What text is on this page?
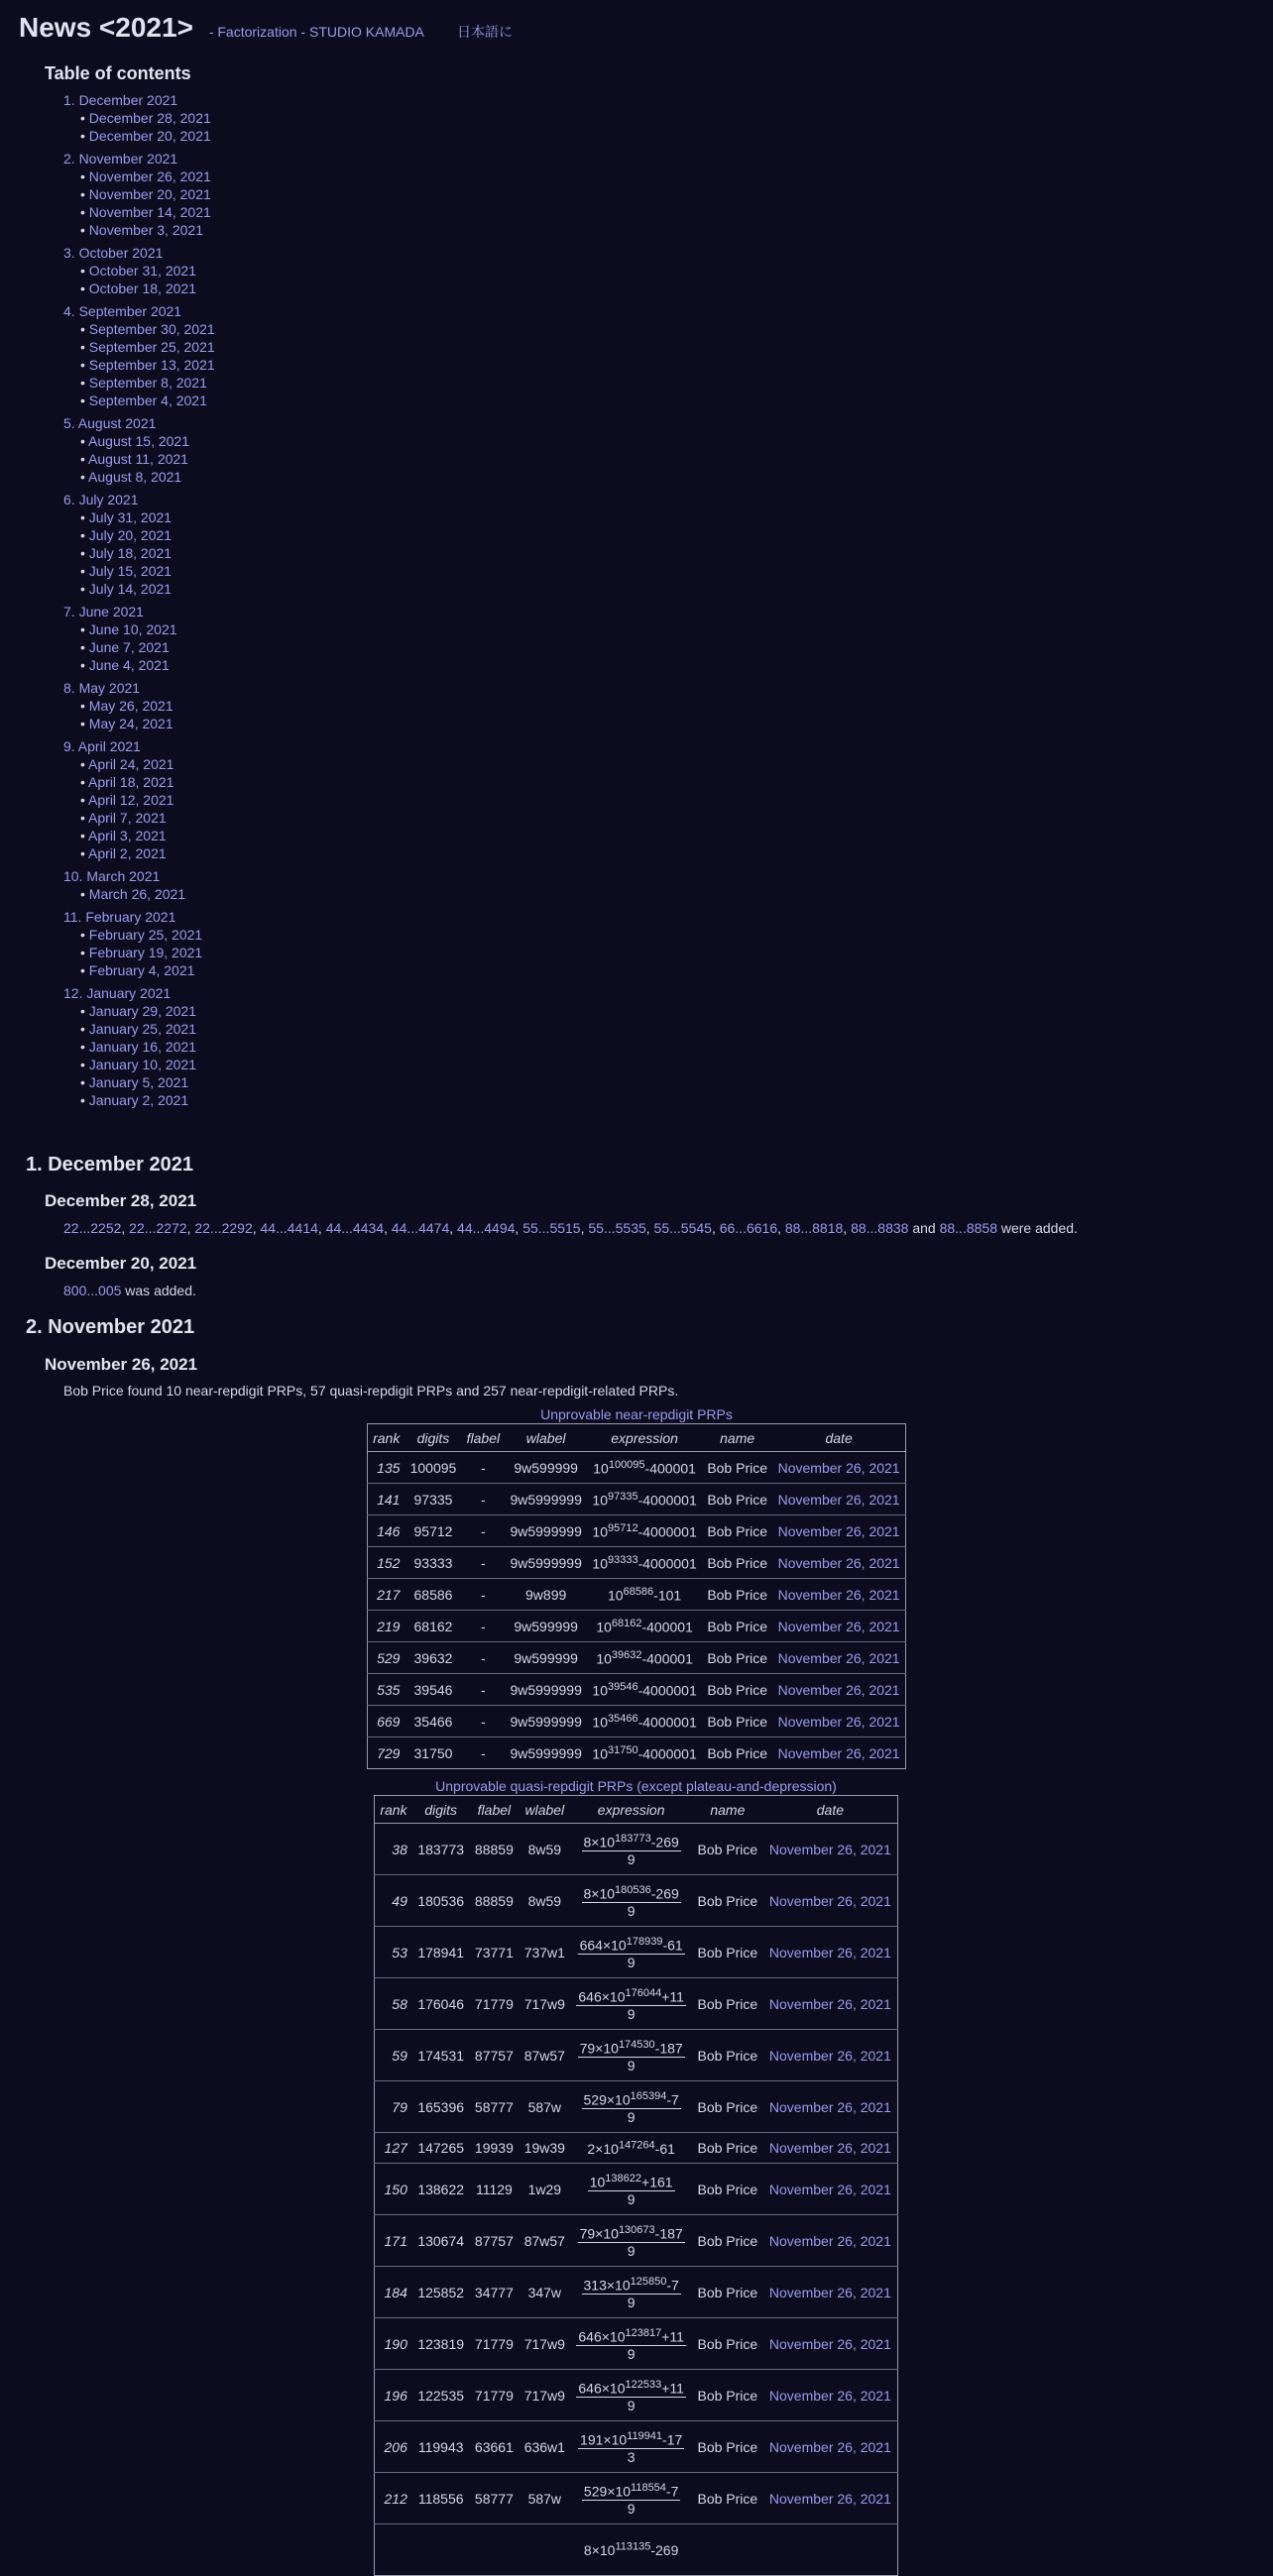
News <2021> - Factorization - STUDIO KAMADA 日本語に
Table of contents
1. December 2021
• December 28, 2021
• December 20, 2021
2. November 2021
• November 26, 2021
• November 20, 2021
• November 14, 2021
• November 3, 2021
3. October 2021
• October 31, 2021
• October 18, 2021
4. September 2021
• September 30, 2021
• September 25, 2021
• September 13, 2021
• September 8, 2021
• September 4, 2021
5. August 2021
• August 15, 2021
• August 11, 2021
• August 8, 2021
6. July 2021
• July 31, 2021
• July 20, 2021
• July 18, 2021
• July 15, 2021
• July 14, 2021
7. June 2021
• June 10, 2021
• June 7, 2021
• June 4, 2021
8. May 2021
• May 26, 2021
• May 24, 2021
9. April 2021
• April 24, 2021
• April 18, 2021
• April 12, 2021
• April 7, 2021
• April 3, 2021
• April 2, 2021
10. March 2021
• March 26, 2021
11. February 2021
• February 25, 2021
• February 19, 2021
• February 4, 2021
12. January 2021
• January 29, 2021
• January 25, 2021
• January 16, 2021
• January 10, 2021
• January 5, 2021
• January 2, 2021
1. December 2021
December 28, 2021
22...2252, 22...2272, 22...2292, 44...4414, 44...4434, 44...4474, 44...4494, 55...5515, 55...5535, 55...5545, 66...6616, 88...8818, 88...8838 and 88...8858 were added.
December 20, 2021
800...005 was added.
2. November 2021
November 26, 2021
Bob Price found 10 near-repdigit PRPs, 57 quasi-repdigit PRPs and 257 near-repdigit-related PRPs.
Unprovable near-repdigit PRPs
rank	digits	flabel	wlabel	expression	name	date
135	100095	-	9w599999	$10^{100095}-400001$	Bob Price	November 26, 2021
141	97335	-	9w5999999	$10^{97335}-4000001$	Bob Price	November 26, 2021
146	95712	-	9w5999999	$10^{95712}-4000001$	Bob Price	November 26, 2021
152	93333	-	9w5999999	$10^{93333}-4000001$	Bob Price	November 26, 2021
217	68586	-	9w899	$10^{68586}-101$	Bob Price	November 26, 2021
219	68162	-	9w599999	$10^{68162}-400001$	Bob Price	November 26, 2021
529	39632	-	9w599999	$10^{39632}-400001$	Bob Price	November 26, 2021
535	39546	-	9w5999999	$10^{39546}-4000001$	Bob Price	November 26, 2021
669	35466	-	9w5999999	$10^{35466}-4000001$	Bob Price	November 26, 2021
729	31750	-	9w5999999	$10^{31750}-4000001$	Bob Price	November 26, 2021
Unprovable quasi-repdigit PRPs (except plateau-and-depression)
rank	digits	flabel	wlabel	expression	name	date
38	183773	88859	8w59	$\frac{8\times 10^{183773}-269}{9}$	Bob Price	November 26, 2021
49	180536	88859	8w59	$\frac{8\times 10^{180536}-269}{9}$	Bob Price	November 26, 2021
53	178941	73771	737w1	$\frac{664\times 10^{178939}-61}{9}$	Bob Price	November 26, 2021
58	176046	71779	717w9	$\frac{646\times 10^{176044}+11}{9}$	Bob Price	November 26, 2021
59	174531	87757	87w57	$\frac{79\times 10^{174530}-187}{9}$	Bob Price	November 26, 2021
79	165396	58777	587w	$\frac{529\times 10^{165394}-7}{9}$	Bob Price	November 26, 2021
127	147265	19939	19w39	$2\times 10^{147264}-61$	Bob Price	November 26, 2021
150	138622	11129	1w29	$\frac{10^{138622}+161}{9}$	Bob Price	November 26, 2021
171	130674	87757	87w57	$\frac{79\times 10^{130673}-187}{9}$	Bob Price	November 26, 2021
184	125852	34777	347w	$\frac{313\times 10^{125850}-7}{9}$	Bob Price	November 26, 2021
190	123819	71779	717w9	$\frac{646\times 10^{123817}+11}{9}$	Bob Price	November 26, 2021
196	122535	71779	717w9	$\frac{646\times 10^{122533}+11}{9}$	Bob Price	November 26, 2021
206	119943	63661	636w1	$\frac{191\times 10^{119941}-17}{3}$	Bob Price	November 26, 2021
212	118556	58777	587w	$\frac{529\times 10^{118554}-7}{9}$	Bob Price	November 26, 2021
				$8\times 10^{113135}-269$		
